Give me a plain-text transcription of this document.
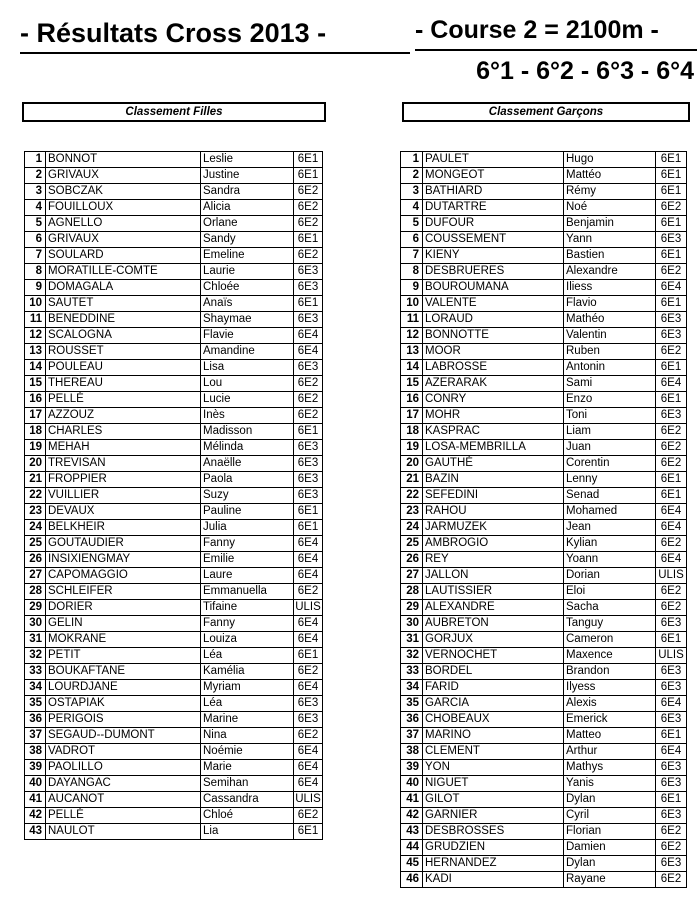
- Résultats Cross 2013 -	- Course 2 = 2100m -
6°1 - 6°2 - 6°3 - 6°4
Classement Filles	Classement Garçons
1	BONNOT	Leslie	6E1
2	GRIVAUX	Justine	6E1
3	SOBCZAK	Sandra	6E2
4	FOUILLOUX	Alicia	6E2
5	AGNELLO	Orlane	6E2
6	GRIVAUX	Sandy	6E1
7	SOULARD	Emeline	6E2
8	MORATILLE-COMTE	Laurie	6E3
9	DOMAGALA	Chloée	6E3
10	SAUTET	Anaïs	6E1
11	BENEDDINE	Shaymae	6E3
12	SCALOGNA	Flavie	6E4
13	ROUSSET	Amandine	6E4
14	POULEAU	Lisa	6E3
15	THEREAU	Lou	6E2
16	PELLÉ	Lucie	6E2
17	AZZOUZ	Inès	6E2
18	CHARLES	Madisson	6E1
19	MEHAH	Mélinda	6E3
20	TREVISAN	Anaëlle	6E3
21	FROPPIER	Paola	6E3
22	VUILLIER	Suzy	6E3
23	DEVAUX	Pauline	6E1
24	BELKHEIR	Julia	6E1
25	GOUTAUDIER	Fanny	6E4
26	INSIXIENGMAY	Emilie	6E4
27	CAPOMAGGIO	Laure	6E4
28	SCHLEIFER	Emmanuella	6E2
29	DORIER	Tifaine	ULIS
30	GELIN	Fanny	6E4
31	MOKRANE	Louiza	6E4
32	PETIT	Léa	6E1
33	BOUKAFTANE	Kamélia	6E2
34	LOURDJANE	Myriam	6E4
35	OSTAPIAK	Léa	6E3
36	PERIGOIS	Marine	6E3
37	SEGAUD--DUMONT	Nina	6E2
38	VADROT	Noémie	6E4
39	PAOLILLO	Marie	6E4
40	DAYANGAC	Semihan	6E4
41	AUCANOT	Cassandra	ULIS
42	PELLÉ	Chloé	6E2
43	NAULOT	Lia	6E1
1	PAULET	Hugo	6E1
2	MONGEOT	Mattéo	6E1
3	BATHIARD	Rémy	6E1
4	DUTARTRE	Noé	6E2
5	DUFOUR	Benjamin	6E1
6	COUSSEMENT	Yann	6E3
7	KIENY	Bastien	6E1
8	DESBRUERES	Alexandre	6E2
9	BOUROUMANA	Iliess	6E4
10	VALENTE	Flavio	6E1
11	LORAUD	Mathéo	6E3
12	BONNOTTE	Valentin	6E3
13	MOOR	Ruben	6E2
14	LABROSSE	Antonin	6E1
15	AZERARAK	Sami	6E4
16	CONRY	Enzo	6E1
17	MOHR	Toni	6E3
18	KASPRAC	Liam	6E2
19	LOSA-MEMBRILLA	Juan	6E2
20	GAUTHÉ	Corentin	6E2
21	BAZIN	Lenny	6E1
22	SEFEDINI	Senad	6E1
23	RAHOU	Mohamed	6E4
24	JARMUZEK	Jean	6E4
25	AMBROGIO	Kylian	6E2
26	REY	Yoann	6E4
27	JALLON	Dorian	ULIS
28	LAUTISSIER	Eloi	6E2
29	ALEXANDRE	Sacha	6E2
30	AUBRETON	Tanguy	6E3
31	GORJUX	Cameron	6E1
32	VERNOCHET	Maxence	ULIS
33	BORDEL	Brandon	6E3
34	FARID	Ilyess	6E3
35	GARCIA	Alexis	6E4
36	CHOBEAUX	Emerick	6E3
37	MARINO	Matteo	6E1
38	CLEMENT	Arthur	6E4
39	YON	Mathys	6E3
40	NIGUET	Yanis	6E3
41	GILOT	Dylan	6E1
42	GARNIER	Cyril	6E3
43	DESBROSSES	Florian	6E2
44	GRUDZIEN	Damien	6E2
45	HERNANDEZ	Dylan	6E3
46	KADI	Rayane	6E2
